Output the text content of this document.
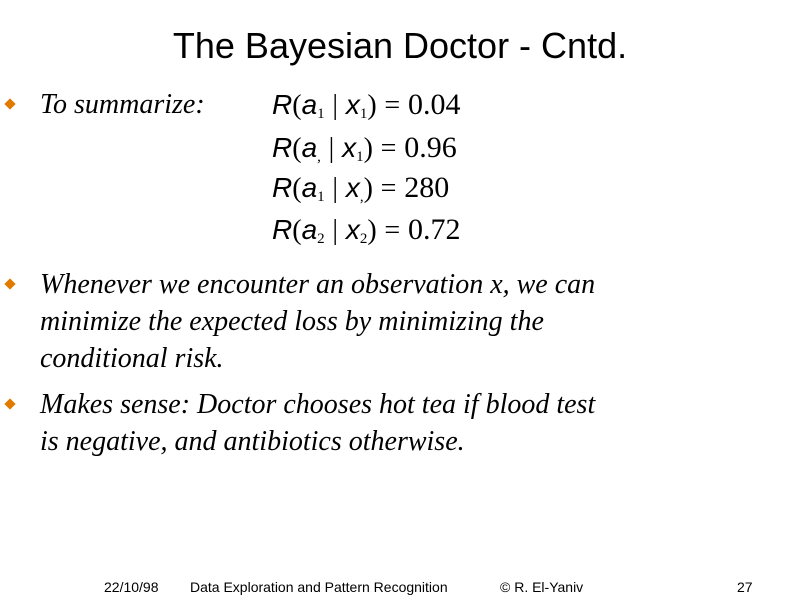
The Bayesian Doctor - Cntd.
To summarize: $R(a_1$ | $x_1) = 0.04$
$R(a_,$ | $x_1) = 0.96$
$R(a_1$ | $x_,) = 280$
$R(a_2$ | $x_2) = 0.72$
Whenever we encounter an observation x, we can
minimize the expected loss by minimizing the
conditional risk.
Makes sense: Doctor chooses hot tea if blood test
is negative, and antibiotics otherwise.
22/10/98 Data Exploration and Pattern Recognition	© R. El-Yaniv	27
